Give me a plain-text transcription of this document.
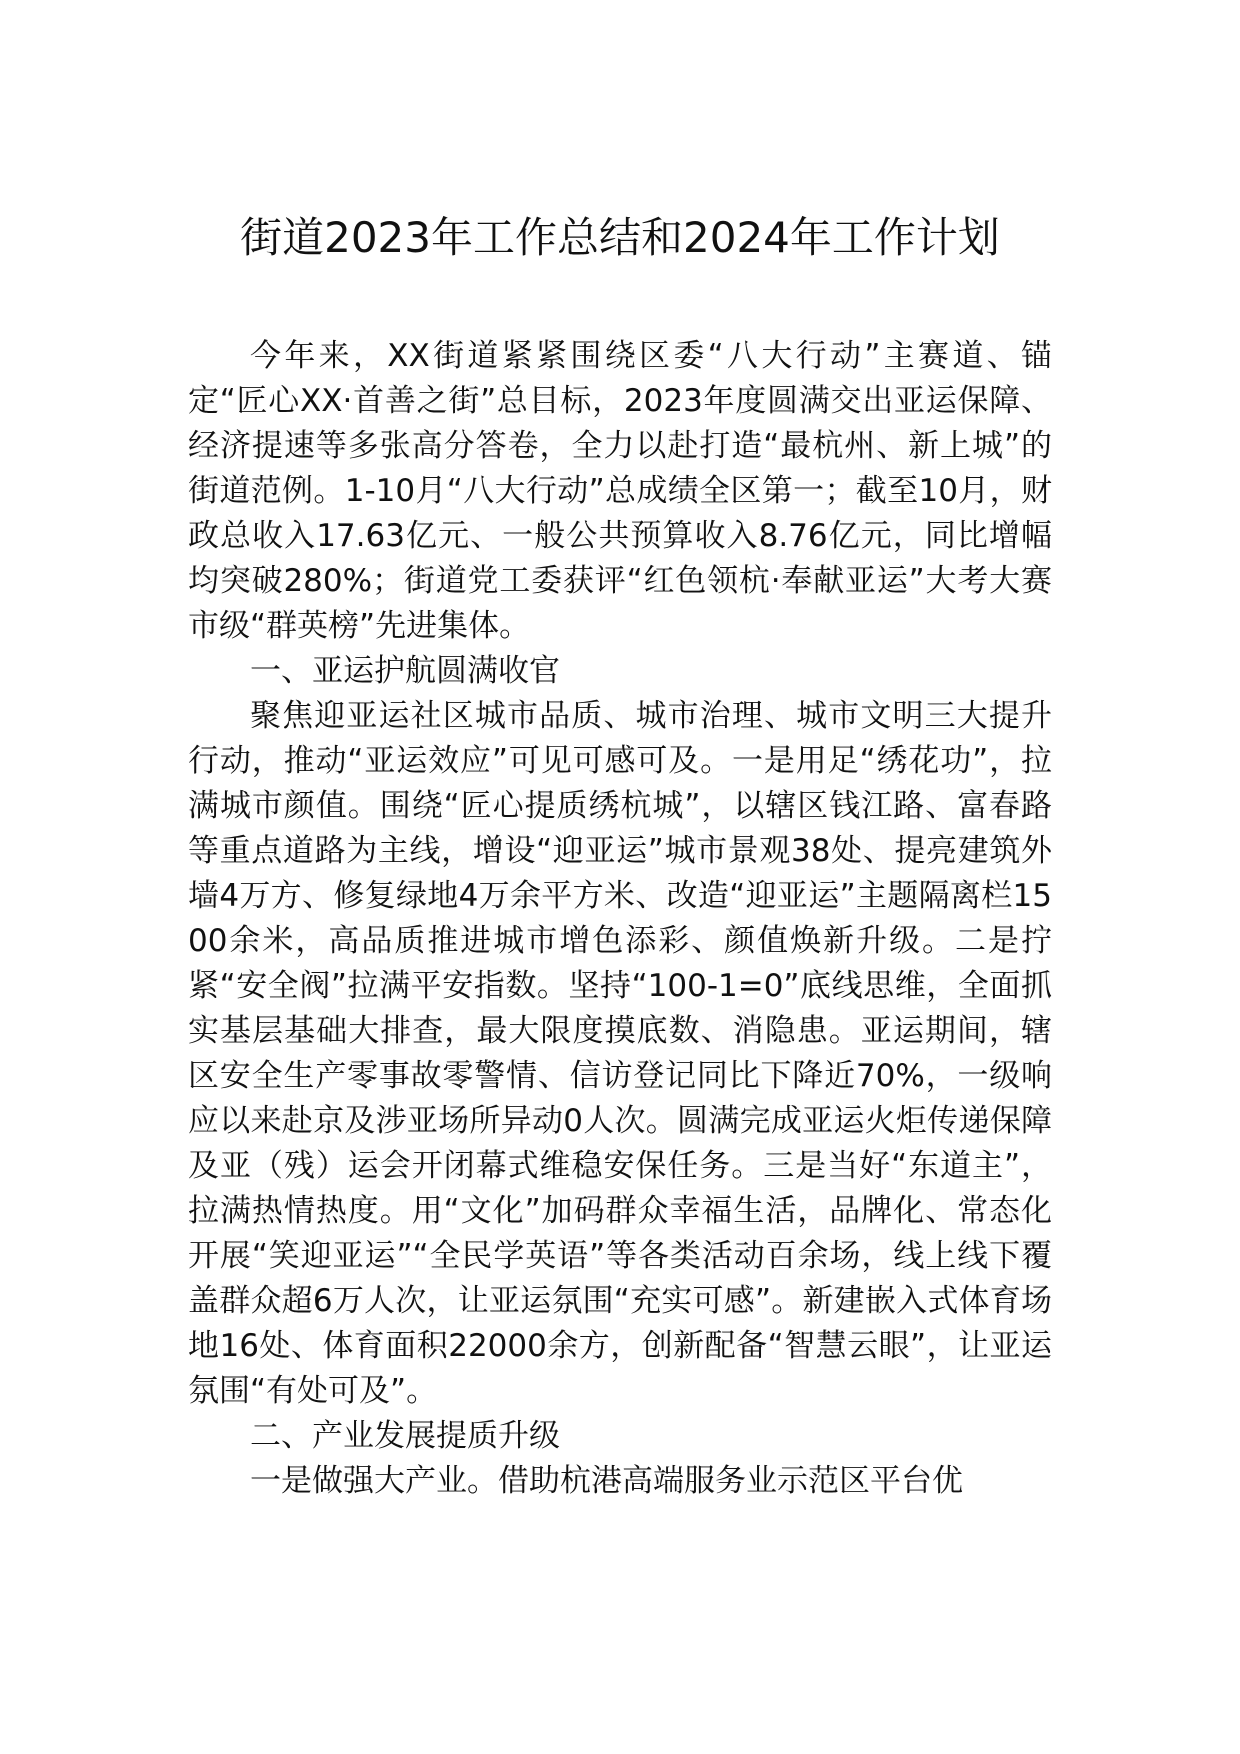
街道2023年工作总结和2024年工作计划

今年来，XX街道紧紧围绕区委“八大行动”主赛道、锚定“匠心XX·首善之街”总目标，2023年度圆满交出亚运保障、经济提速等多张高分答卷，全力以赴打造“最杭州、新上城”的街道范例。1-10月“八大行动”总成绩全区第一；截至10月，财政总收入17.63亿元、一般公共预算收入8.76亿元，同比增幅均突破280%；街道党工委获评“红色领杭·奉献亚运”大考大赛市级“群英榜”先进集体。

一、亚运护航圆满收官

聚焦迎亚运社区城市品质、城市治理、城市文明三大提升行动，推动“亚运效应”可见可感可及。一是用足“绣花功”，拉满城市颜值。围绕“匠心提质绣杭城”，以辖区钱江路、富春路等重点道路为主线，增设“迎亚运”城市景观38处、提亮建筑外墙4万方、修复绿地4万余平方米、改造“迎亚运”主题隔离栏1500余米，高品质推进城市增色添彩、颜值焕新升级。二是拧紧“安全阀”拉满平安指数。坚持“100-1=0”底线思维，全面抓实基层基础大排查，最大限度摸底数、消隐患。亚运期间，辖区安全生产零事故零警情、信访登记同比下降近70%，一级响应以来赴京及涉亚场所异动0人次。圆满完成亚运火炬传递保障及亚（残）运会开闭幕式维稳安保任务。三是当好“东道主”，拉满热情热度。用“文化”加码群众幸福生活，品牌化、常态化开展“笑迎亚运”“全民学英语”等各类活动百余场，线上线下覆盖群众超6万人次，让亚运氛围“充实可感”。新建嵌入式体育场地16处、体育面积22000余方，创新配备“智慧云眼”，让亚运氛围“有处可及”。

二、产业发展提质升级

一是做强大产业。借助杭港高端服务业示范区平台优
